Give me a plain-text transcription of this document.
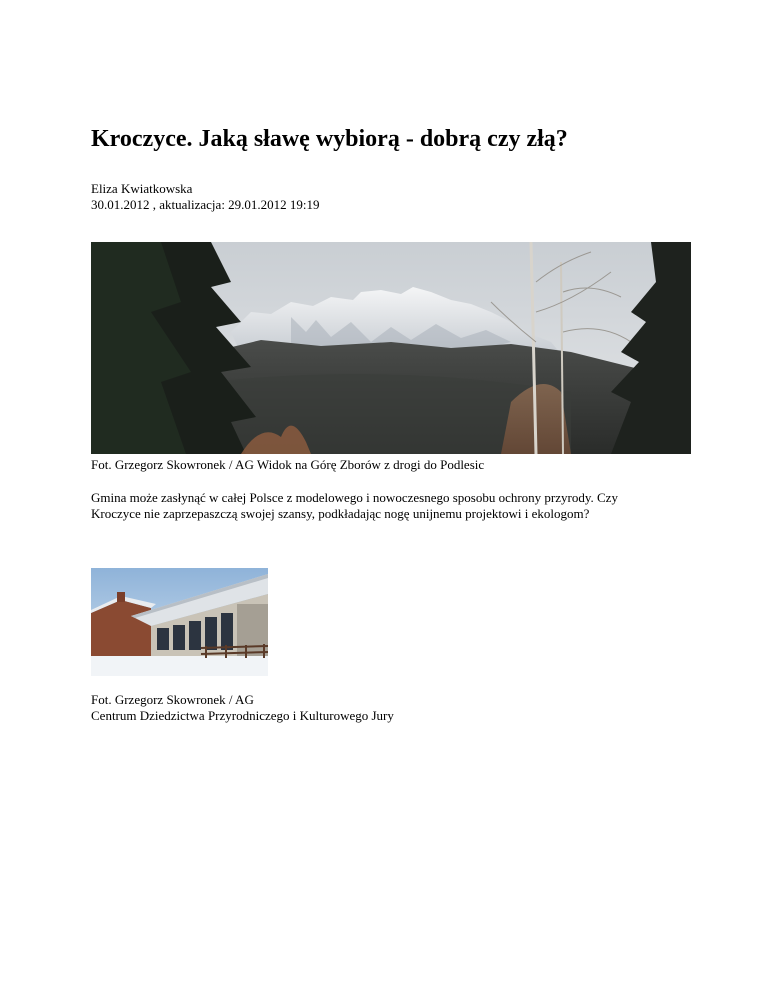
Kroczyce. Jaką sławę wybiorą - dobrą czy złą?
Eliza Kwiatkowska
30.01.2012 , aktualizacja: 29.01.2012 19:19
Fot. Grzegorz Skowronek / AG Widok na Górę Zborów z drogi do Podlesic

Gmina może zasłynąć w całej Polsce z modelowego i nowoczesnego sposobu ochrony przyrody. Czy Kroczyce nie zaprzepaszczą swojej szansy, podkładając nogę unijnemu projektowi i ekologom?

Fot. Grzegorz Skowronek / AG
Centrum Dziedzictwa Przyrodniczego i Kulturowego Jury
